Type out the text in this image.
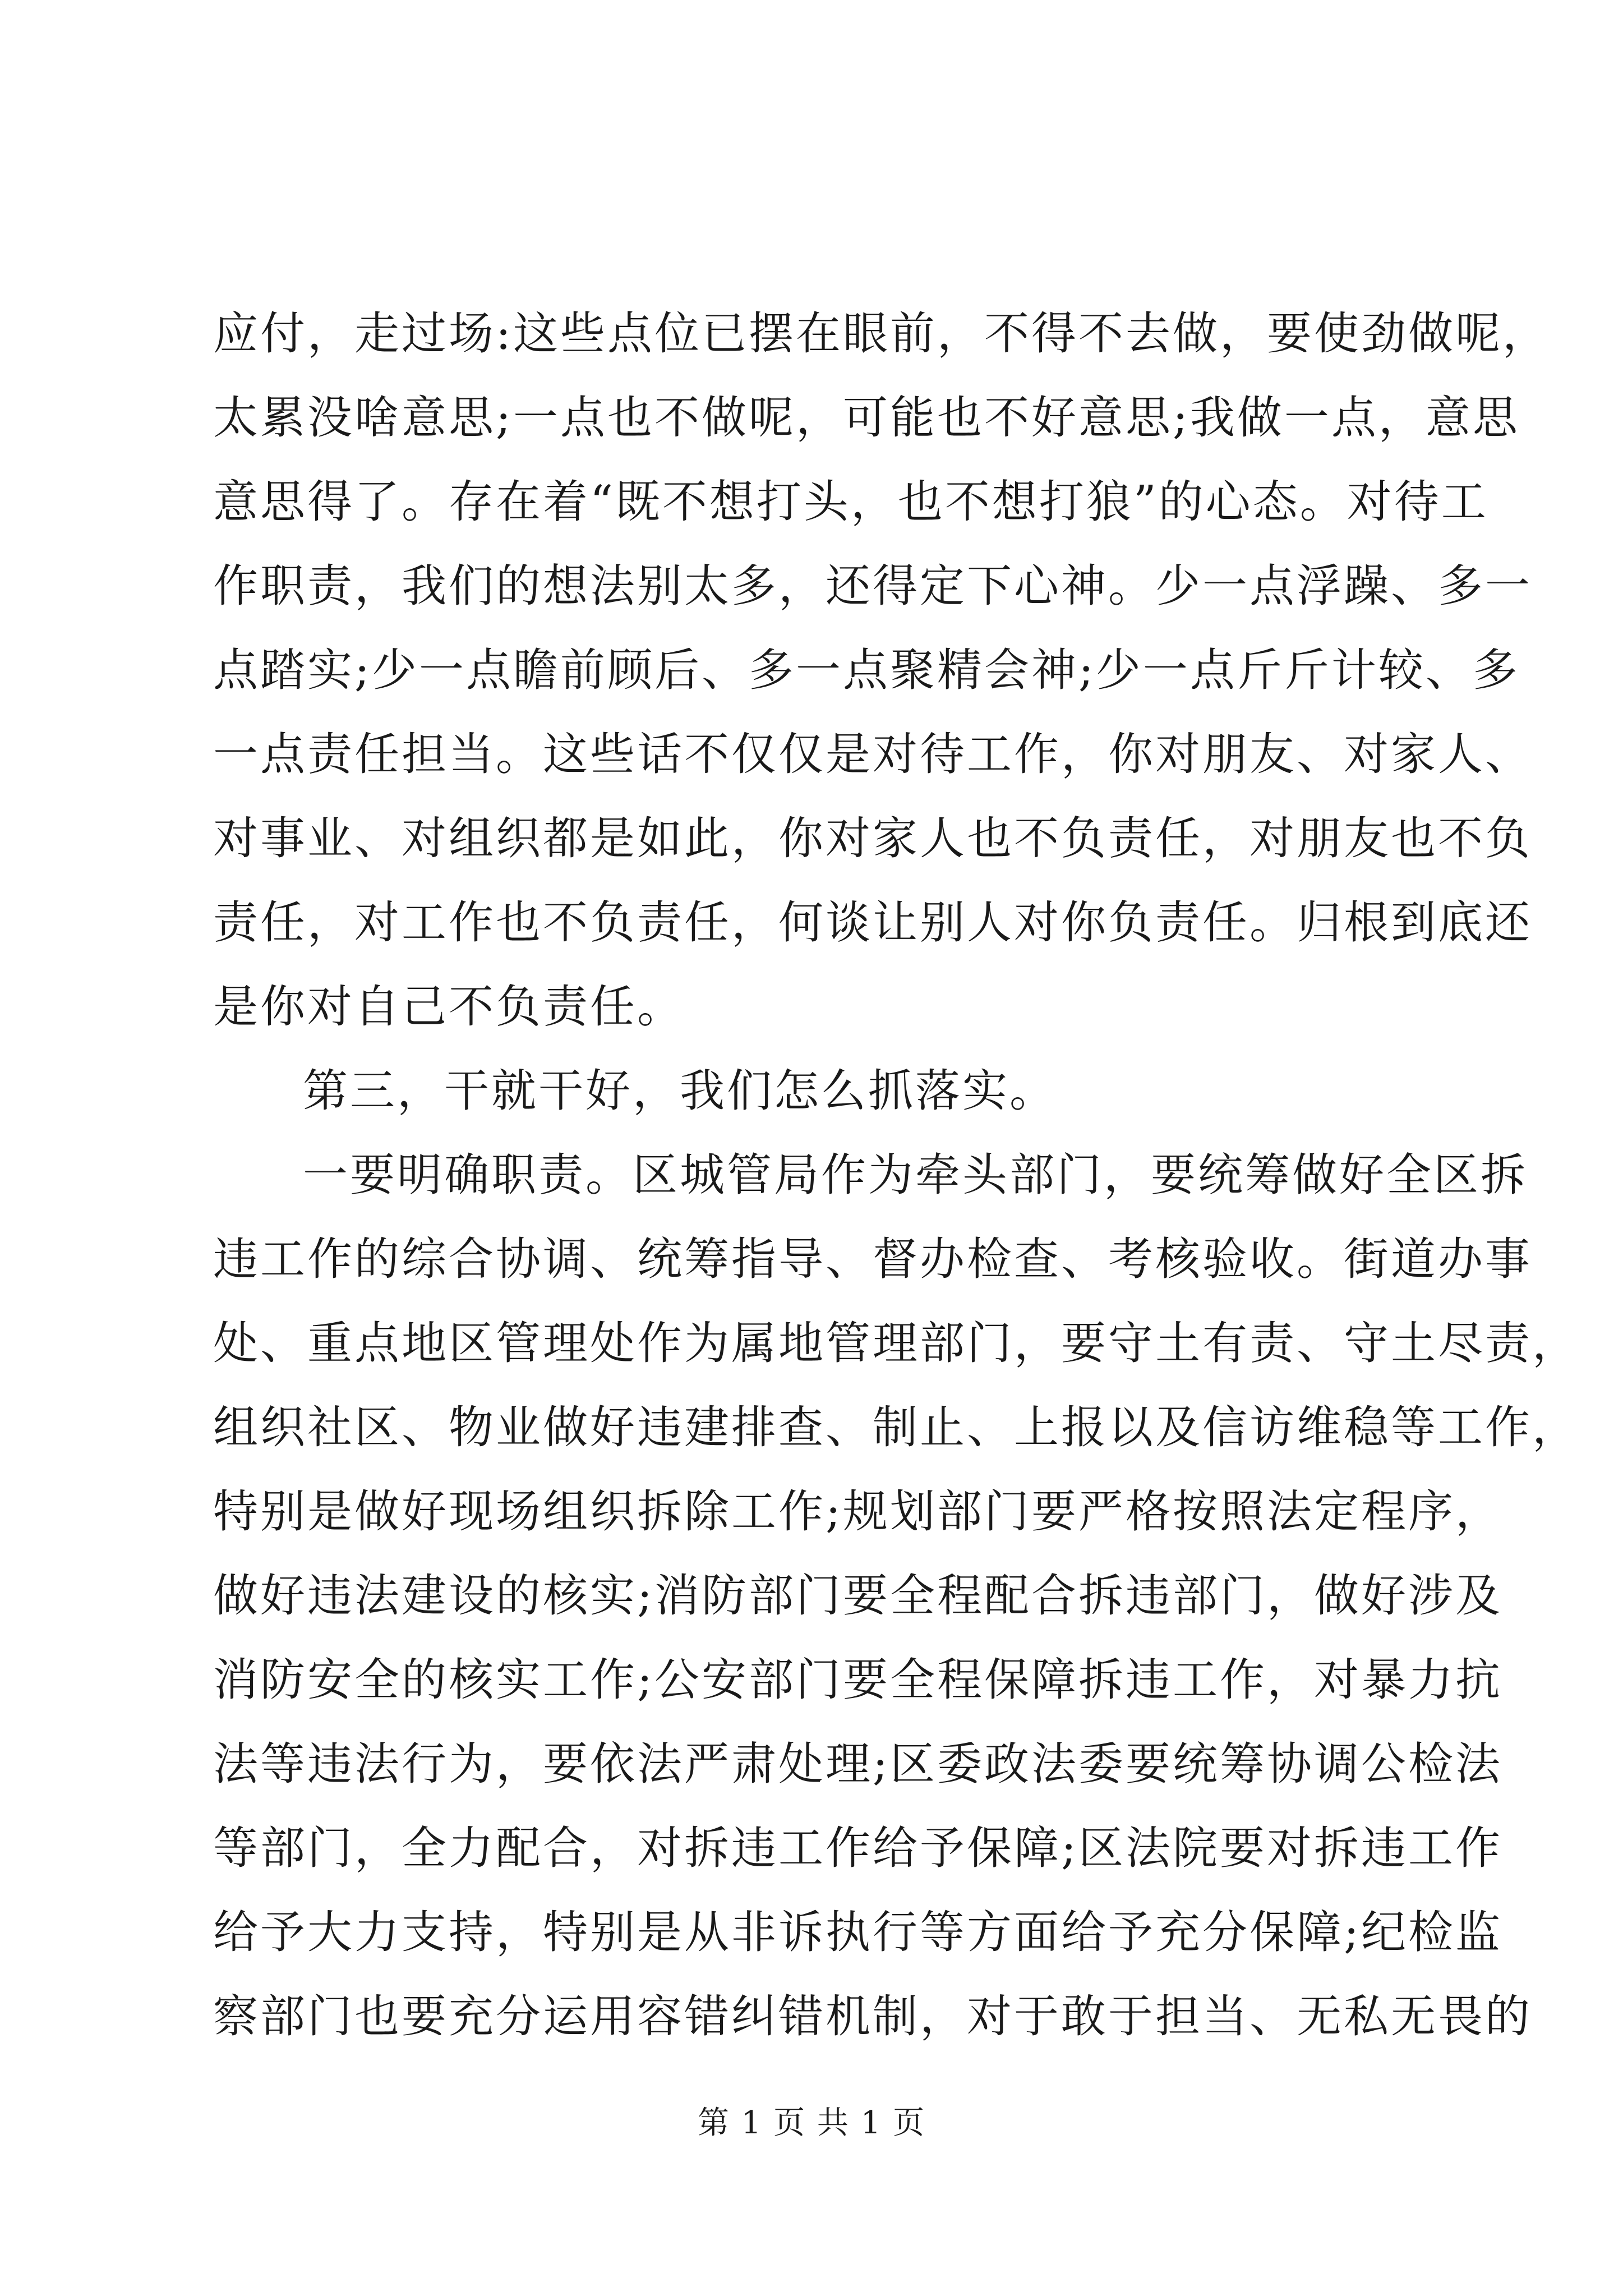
应付，走过场:这些点位已摆在眼前，不得不去做，要使劲做呢，
太累没啥意思;一点也不做呢，可能也不好意思;我做一点，意思
意思得了。存在着“既不想打头，也不想打狼”的心态。对待工
作职责，我们的想法别太多，还得定下心神。少一点浮躁、多一
点踏实;少一点瞻前顾后、多一点聚精会神;少一点斤斤计较、多
一点责任担当。这些话不仅仅是对待工作，你对朋友、对家人、
对事业、对组织都是如此，你对家人也不负责任，对朋友也不负
责任，对工作也不负责任，何谈让别人对你负责任。归根到底还
是你对自己不负责任。
第三，干就干好，我们怎么抓落实。
一要明确职责。区城管局作为牵头部门，要统筹做好全区拆
违工作的综合协调、统筹指导、督办检查、考核验收。街道办事
处、重点地区管理处作为属地管理部门，要守土有责、守土尽责，
组织社区、物业做好违建排查、制止、上报以及信访维稳等工作，
特别是做好现场组织拆除工作;规划部门要严格按照法定程序，
做好违法建设的核实;消防部门要全程配合拆违部门，做好涉及
消防安全的核实工作;公安部门要全程保障拆违工作，对暴力抗
法等违法行为，要依法严肃处理;区委政法委要统筹协调公检法
等部门，全力配合，对拆违工作给予保障;区法院要对拆违工作
给予大力支持，特别是从非诉执行等方面给予充分保障;纪检监
察部门也要充分运用容错纠错机制，对于敢于担当、无私无畏的
第 1 页 共 1 页
